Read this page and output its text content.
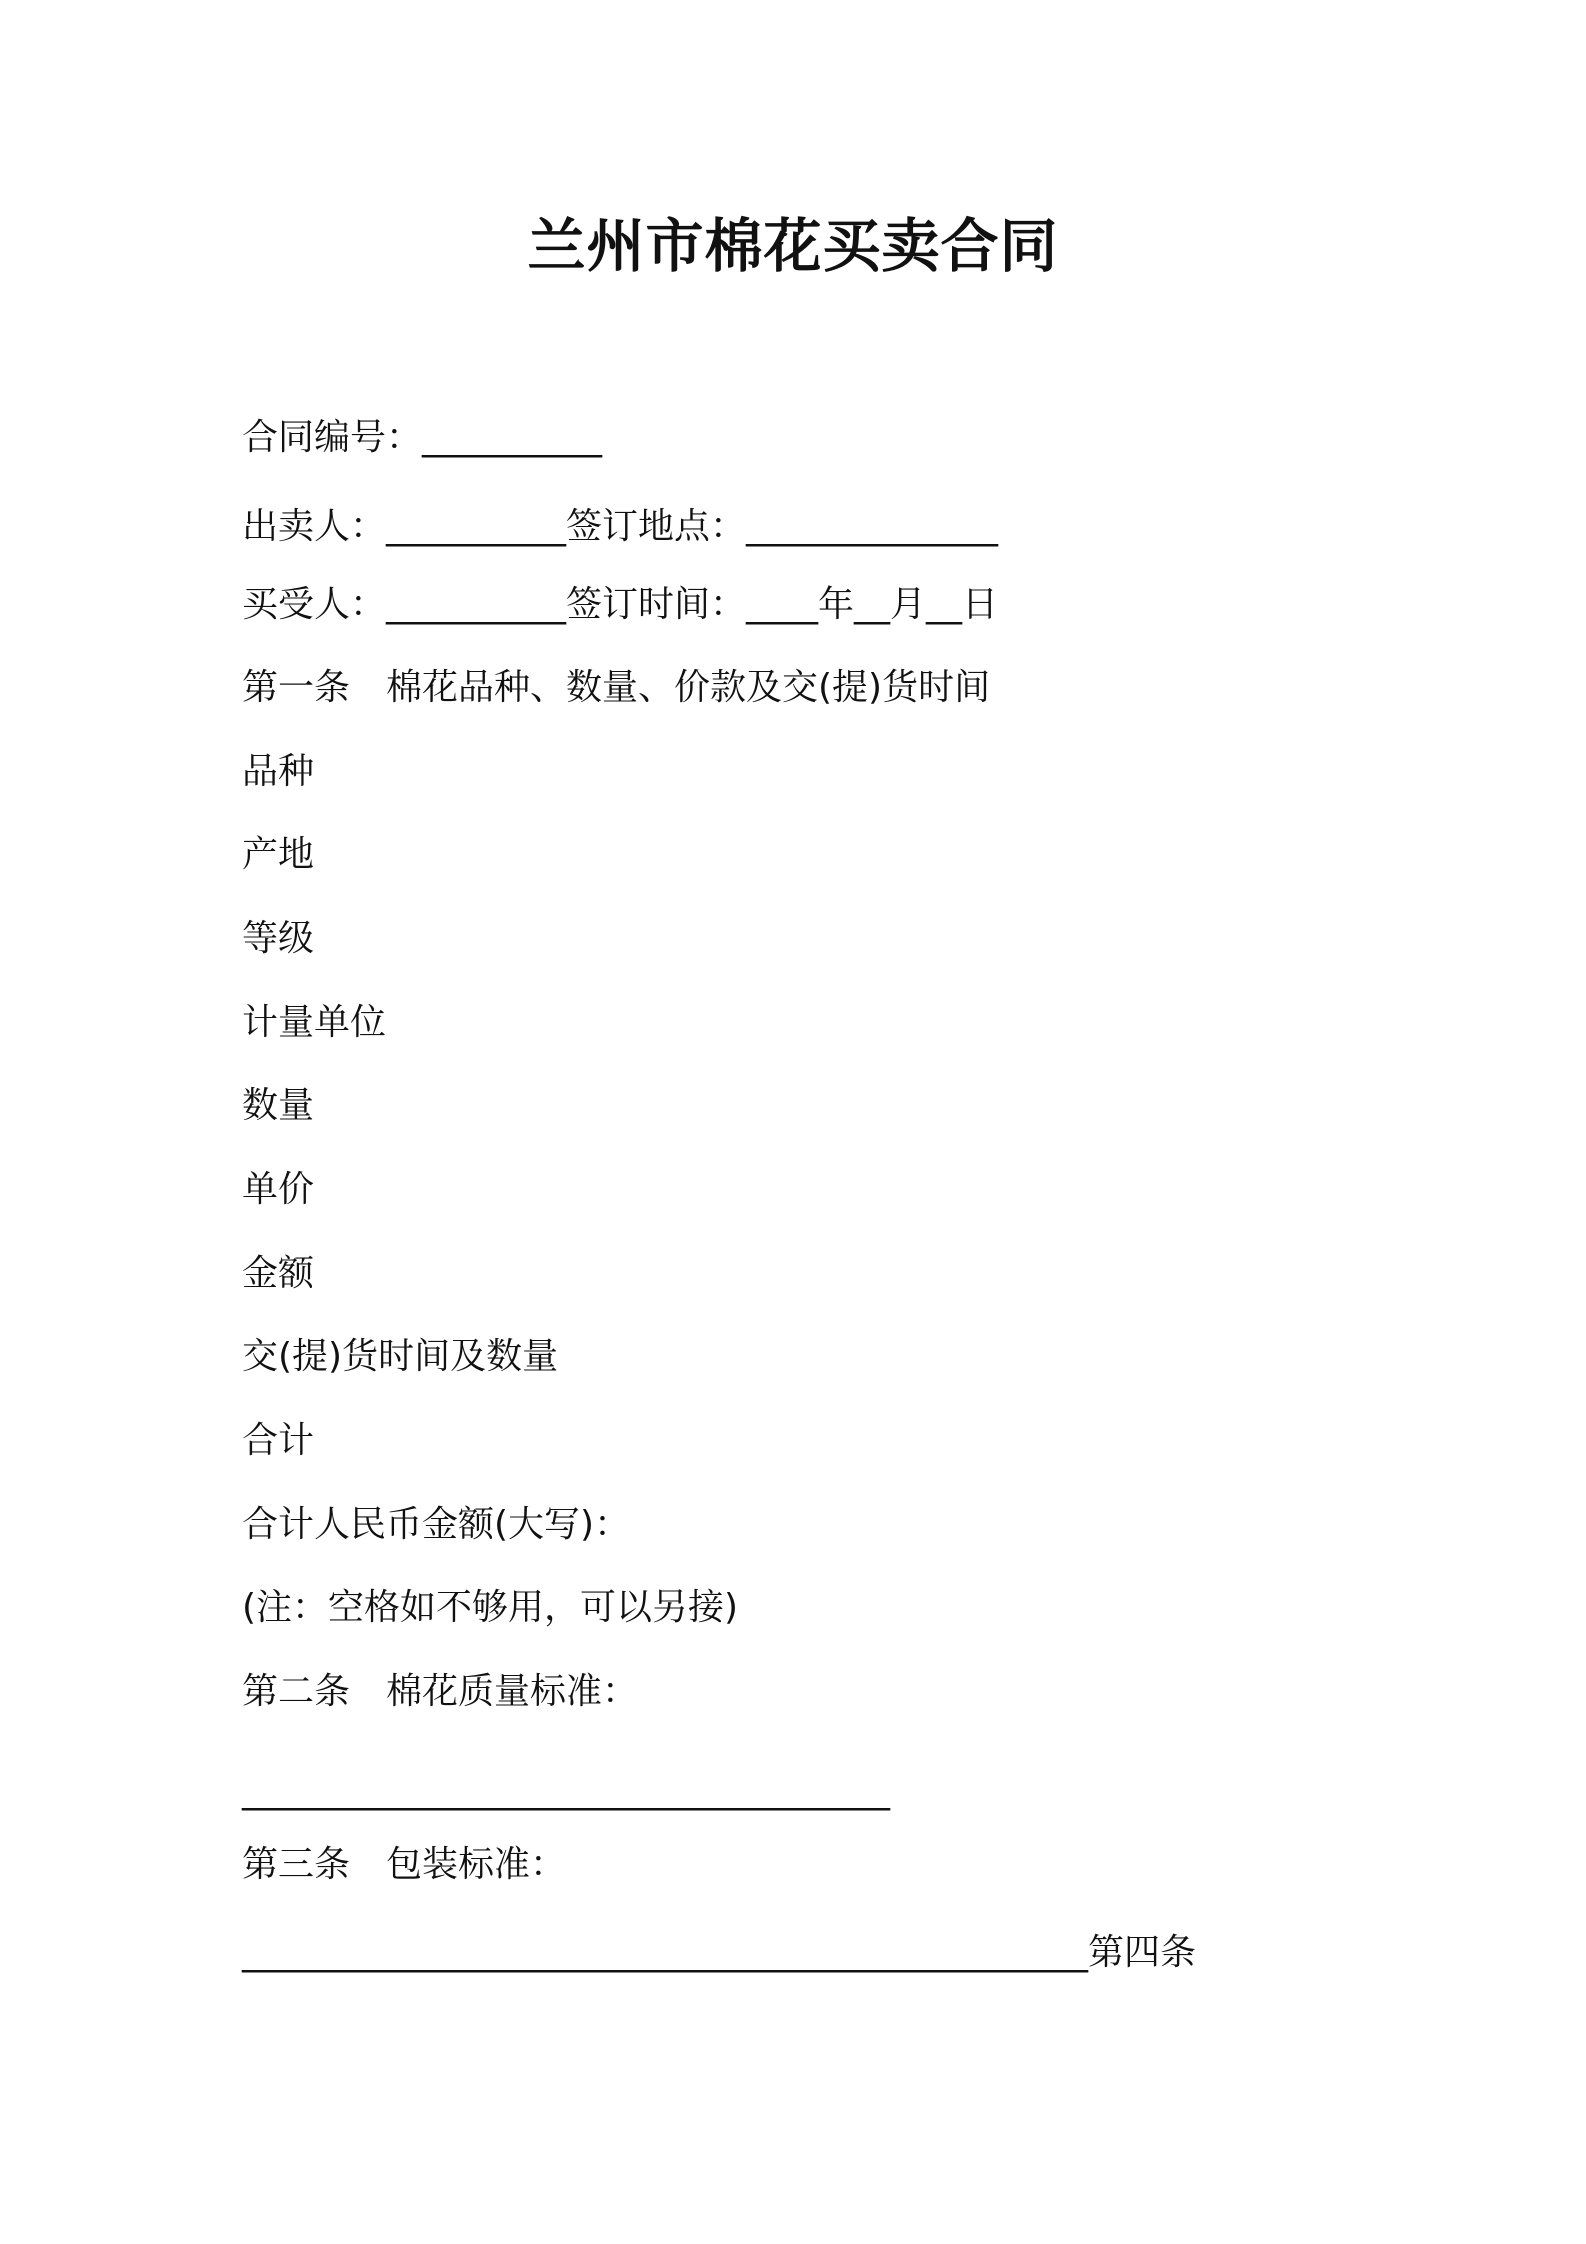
兰州市棉花买卖合同

合同编号：__________

出卖人：__________签订地点：______________

买受人：__________签订时间：____年__月__日

第一条　棉花品种、数量、价款及交(提)货时间

品种

产地

等级

计量单位

数量

单价

金额

交(提)货时间及数量

合计

合计人民币金额(大写)：

(注：空格如不够用，可以另接)

第二条　棉花质量标准：

____________________________________

第三条　包装标准：

_______________________________________________第四条
